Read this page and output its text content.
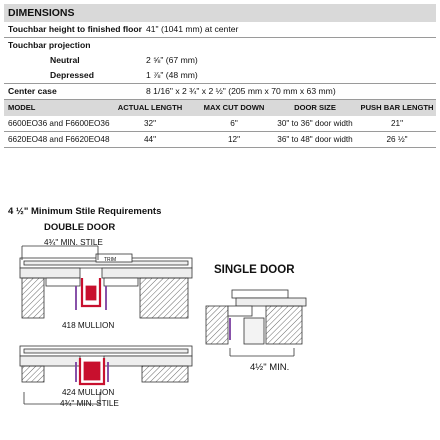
DIMENSIONS
Touchbar height to finished floor 41" (1041 mm) at center
Touchbar projection
Neutral	2 ⅝" (67 mm)
Depressed	1 ⅞" (48 mm)
Center case	8 1/16" x 2 ¾" x 2 ½" (205 mm x 70 mm x 63 mm)
MODEL	ACTUAL LENGTH	MAX CUT DOWN	DOOR SIZE	PUSH BAR LENGTH
6600EO36 and F6600EO36	32"	6"	30" to 36" door width	21"
6620EO48 and F6620EO48	44"	12"	36" to 48" door width	26 ½"
4 ½" Minimum Stile Requirements
DOUBLE DOOR
SINGLE DOOR
4¾" MIN. STILE
TRIM
418 MULLION
424 MULLION
4¾" MIN. STILE
4½" MIN.
